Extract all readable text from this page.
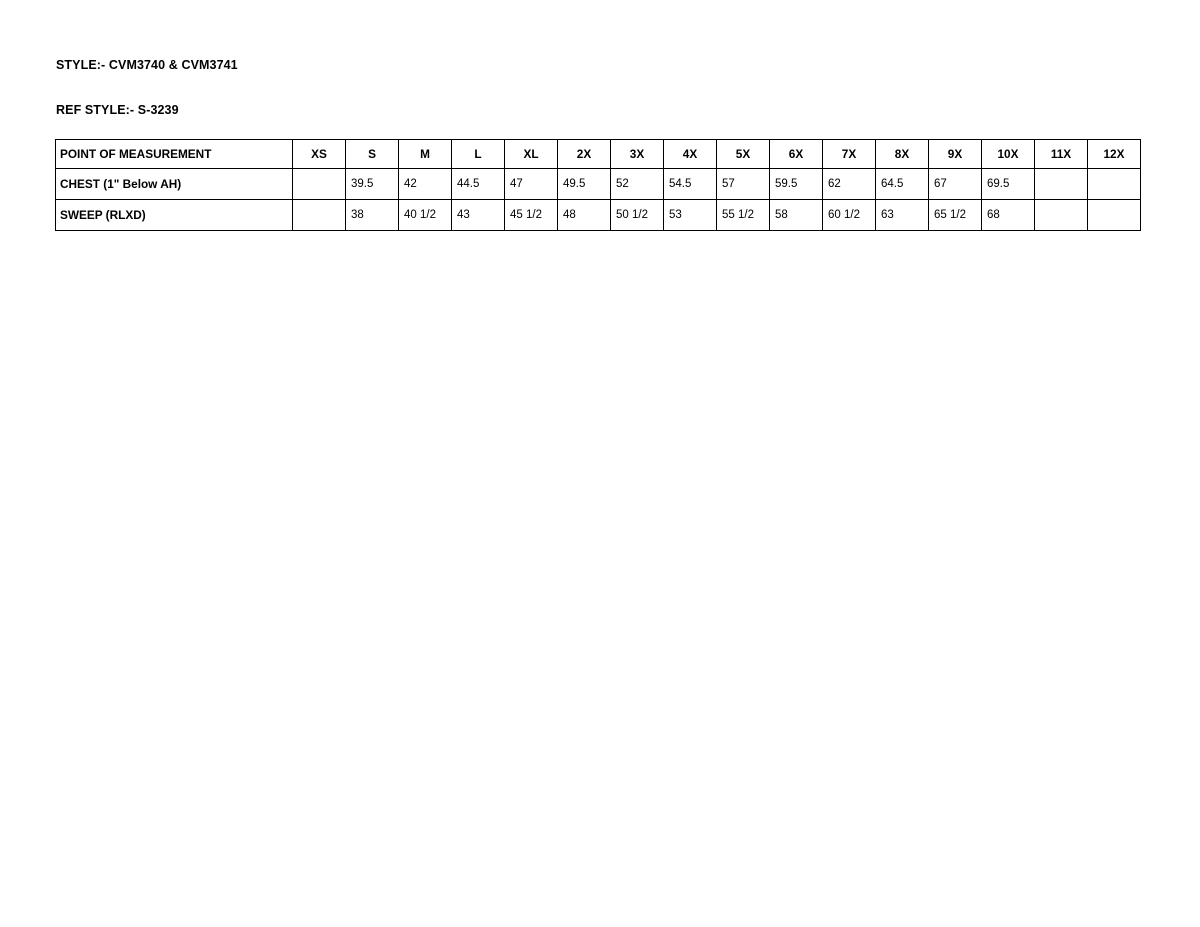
STYLE:- CVM3740 & CVM3741
REF STYLE:- S-3239
POINT OF MEASUREMENT	XS	S	M	L	XL	2X	3X	4X	5X	6X	7X	8X	9X	10X	11X	12X
CHEST (1" Below AH)		39.5	42	44.5	47	49.5	52	54.5	57	59.5	62	64.5	67	69.5		
SWEEP (RLXD)		38	40 1/2	43	45 1/2	48	50 1/2	53	55 1/2	58	60 1/2	63	65 1/2	68		
